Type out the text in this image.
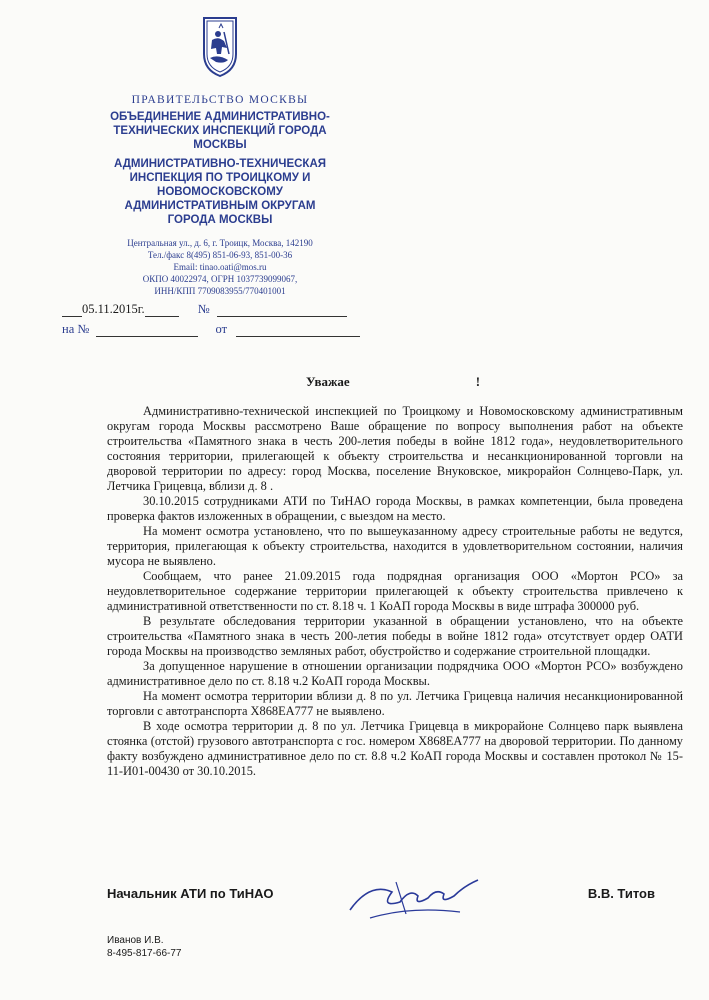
ПРАВИТЕЛЬСТВО МОСКВЫ
ОБЪЕДИНЕНИЕ АДМИНИСТРАТИВНО-
ТЕХНИЧЕСКИХ ИНСПЕКЦИЙ ГОРОДА
МОСКВЫ
АДМИНИСТРАТИВНО-ТЕХНИЧЕСКАЯ
ИНСПЕКЦИЯ ПО ТРОИЦКОМУ И
НОВОМОСКОВСКОМУ
АДМИНИСТРАТИВНЫМ ОКРУГАМ
ГОРОДА МОСКВЫ
Центральная ул., д. 6, г. Троицк, Москва, 142190
Тел./факс 8(495) 851-06-93, 851-00-36
Email: tinao.oati@mos.ru
ОКПО 40022974, ОГРН 1037739099067,
ИНН/КПП 7709083955/770401001
05.11.2015г.	№
на №	от
Уважае	!

Административно-технической инспекцией по Троицкому и Новомосковскому административным округам города Москвы рассмотрено Ваше обращение по вопросу выполнения работ на объекте строительства «Памятного знака в честь 200-летия победы в войне 1812 года», неудовлетворительного состояния территории, прилегающей к объекту строительства и несанкционированной торговли на дворовой территории по адресу: город Москва, поселение Внуковское, микрорайон Солнцево-Парк, ул. Летчика Грицевца, вблизи д. 8 .

30.10.2015 сотрудниками АТИ по ТиНАО города Москвы, в рамках компетенции, была проведена проверка фактов изложенных в обращении, с выездом на место.

На момент осмотра установлено, что по вышеуказанному адресу строительные работы не ведутся, территория, прилегающая к объекту строительства, находится в удовлетворительном состоянии, наличия мусора не выявлено.

Сообщаем, что ранее 21.09.2015 года подрядная организация ООО «Мортон РСО» за неудовлетворительное содержание территории прилегающей к объекту строительства привлечено к административной ответственности по ст. 8.18 ч. 1 КоАП города Москвы в виде штрафа 300000 руб.

В результате обследования территории указанной в обращении установлено, что на объекте строительства «Памятного знака в честь 200-летия победы в войне 1812 года» отсутствует ордер ОАТИ города Москвы на производство земляных работ, обустройство и содержание строительной площадки.

За допущенное нарушение в отношении организации подрядчика ООО «Мортон РСО» возбуждено административное дело по ст. 8.18 ч.2 КоАП города Москвы.

На момент осмотра территории вблизи д. 8 по ул. Летчика Грицевца наличия несанкционированной торговли с автотранспорта Х868ЕА777 не выявлено.

В ходе осмотра территории д. 8 по ул. Летчика Грицевца в микрорайоне Солнцево парк выявлена стоянка (отстой) грузового автотранспорта с гос. номером Х868ЕА777 на дворовой территории. По данному факту возбуждено административное дело по ст. 8.8 ч.2 КоАП города Москвы и составлен протокол № 15-11-И01-00430 от 30.10.2015.

Начальник АТИ по ТиНАО	В.В. Титов
Иванов И.В.
8-495-817-66-77
